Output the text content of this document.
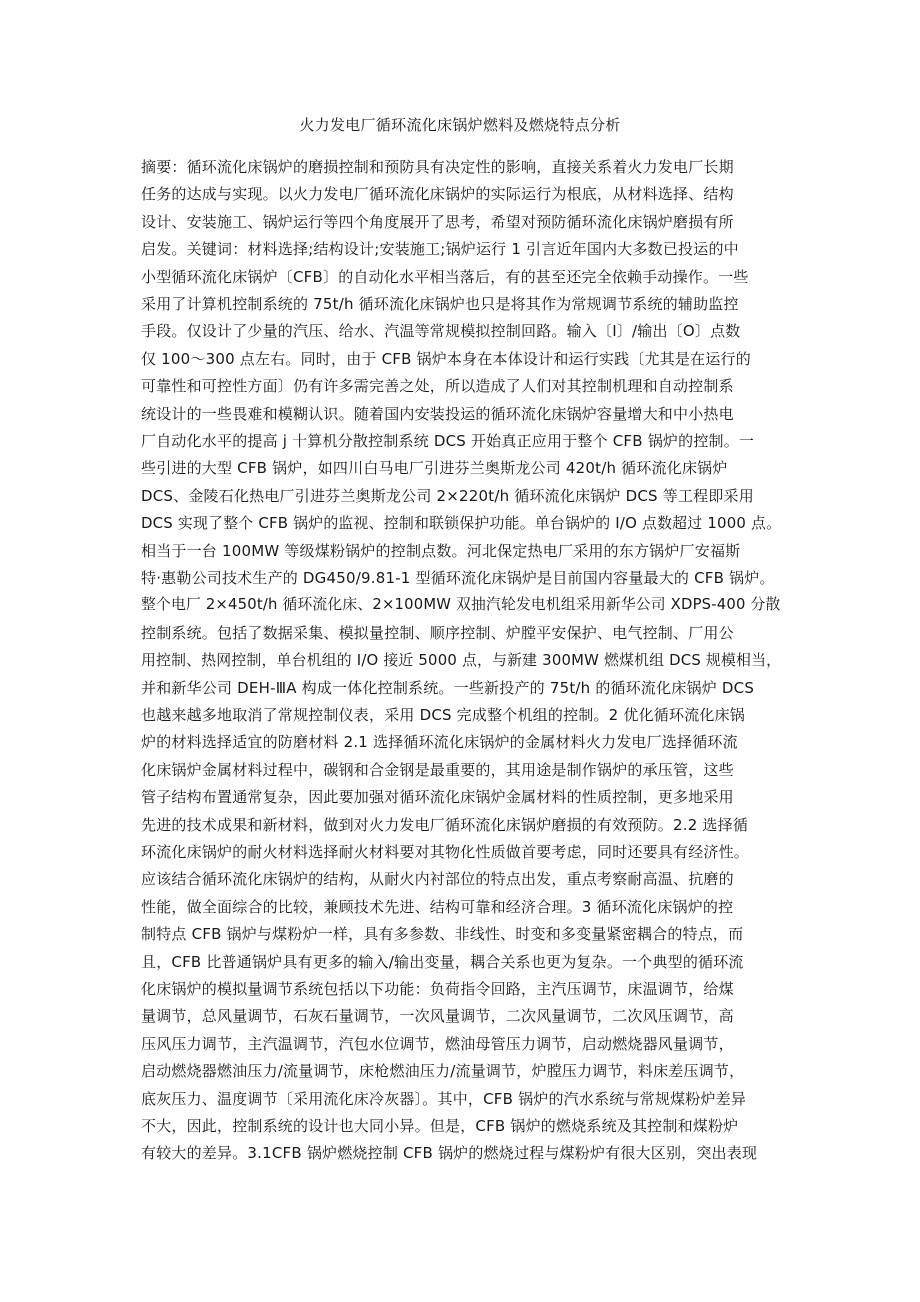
火力发电厂循环流化床锅炉燃料及燃烧特点分析
摘要：循环流化床锅炉的磨损控制和预防具有决定性的影响，直接关系着火力发电厂长期
任务的达成与实现。以火力发电厂循环流化床锅炉的实际运行为根底，从材料选择、结构
设计、安装施工、锅炉运行等四个角度展开了思考，希望对预防循环流化床锅炉磨损有所
启发。关键词：材料选择;结构设计;安装施工;锅炉运行 1 引言近年国内大多数已投运的中
小型循环流化床锅炉〔CFB〕的自动化水平相当落后，有的甚至还完全依赖手动操作。一些
采用了计算机控制系统的 75t/h 循环流化床锅炉也只是将其作为常规调节系统的辅助监控
手段。仅设计了少量的汽压、给水、汽温等常规模拟控制回路。输入〔I〕/输出〔O〕点数
仅 100～300 点左右。同时，由于 CFB 锅炉本身在本体设计和运行实践〔尤其是在运行的
可靠性和可控性方面〕仍有许多需完善之处，所以造成了人们对其控制机理和自动控制系
统设计的一些畏难和模糊认识。随着国内安装投运的循环流化床锅炉容量增大和中小热电
厂自动化水平的提高 j 十算机分散控制系统 DCS 开始真正应用于整个 CFB 锅炉的控制。一
些引进的大型 CFB 锅炉，如四川白马电厂引进芬兰奥斯龙公司 420t/h 循环流化床锅炉
DCS、金陵石化热电厂引进芬兰奥斯龙公司 2×220t/h 循环流化床锅炉 DCS 等工程即采用
DCS 实现了整个 CFB 锅炉的监视、控制和联锁保护功能。单台锅炉的 I/O 点数超过 1000 点。
相当于一台 100MW 等级煤粉锅炉的控制点数。河北保定热电厂采用的东方锅炉厂安福斯
特·惠勒公司技术生产的 DG450/9.81-1 型循环流化床锅炉是目前国内容量最大的 CFB 锅炉。
整个电厂 2×450t/h 循环流化床、2×100MW 双抽汽轮发电机组采用新华公司 XDPS-400 分散
控制系统。包括了数据采集、模拟量控制、顺序控制、炉膛平安保护、电气控制、厂用公
用控制、热网控制，单台机组的 I/O 接近 5000 点，与新建 300MW 燃煤机组 DCS 规模相当，
并和新华公司 DEH-ⅢA 构成一体化控制系统。一些新投产的 75t/h 的循环流化床锅炉 DCS
也越来越多地取消了常规控制仪表，采用 DCS 完成整个机组的控制。2 优化循环流化床锅
炉的材料选择适宜的防磨材料 2.1 选择循环流化床锅炉的金属材料火力发电厂选择循环流
化床锅炉金属材料过程中，碳钢和合金钢是最重要的，其用途是制作锅炉的承压管，这些
管子结构布置通常复杂，因此要加强对循环流化床锅炉金属材料的性质控制，更多地采用
先进的技术成果和新材料，做到对火力发电厂循环流化床锅炉磨损的有效预防。2.2 选择循
环流化床锅炉的耐火材料选择耐火材料要对其物化性质做首要考虑，同时还要具有经济性。
应该结合循环流化床锅炉的结构，从耐火内衬部位的特点出发，重点考察耐高温、抗磨的
性能，做全面综合的比较，兼顾技术先进、结构可靠和经济合理。3 循环流化床锅炉的控
制特点 CFB 锅炉与煤粉炉一样，具有多参数、非线性、时变和多变量紧密耦合的特点，而
且，CFB 比普通锅炉具有更多的输入/输出变量，耦合关系也更为复杂。一个典型的循环流
化床锅炉的模拟量调节系统包括以下功能：负荷指令回路，主汽压调节，床温调节，给煤
量调节，总风量调节，石灰石量调节，一次风量调节，二次风量调节，二次风压调节，高
压风压力调节，主汽温调节，汽包水位调节，燃油母管压力调节，启动燃烧器风量调节，
启动燃烧器燃油压力/流量调节，床枪燃油压力/流量调节，炉膛压力调节，料床差压调节，
底灰压力、温度调节〔采用流化床冷灰器〕。其中，CFB 锅炉的汽水系统与常规煤粉炉差异
不大，因此，控制系统的设计也大同小异。但是，CFB 锅炉的燃烧系统及其控制和煤粉炉
有较大的差异。3.1CFB 锅炉燃烧控制 CFB 锅炉的燃烧过程与煤粉炉有很大区别，突出表现
